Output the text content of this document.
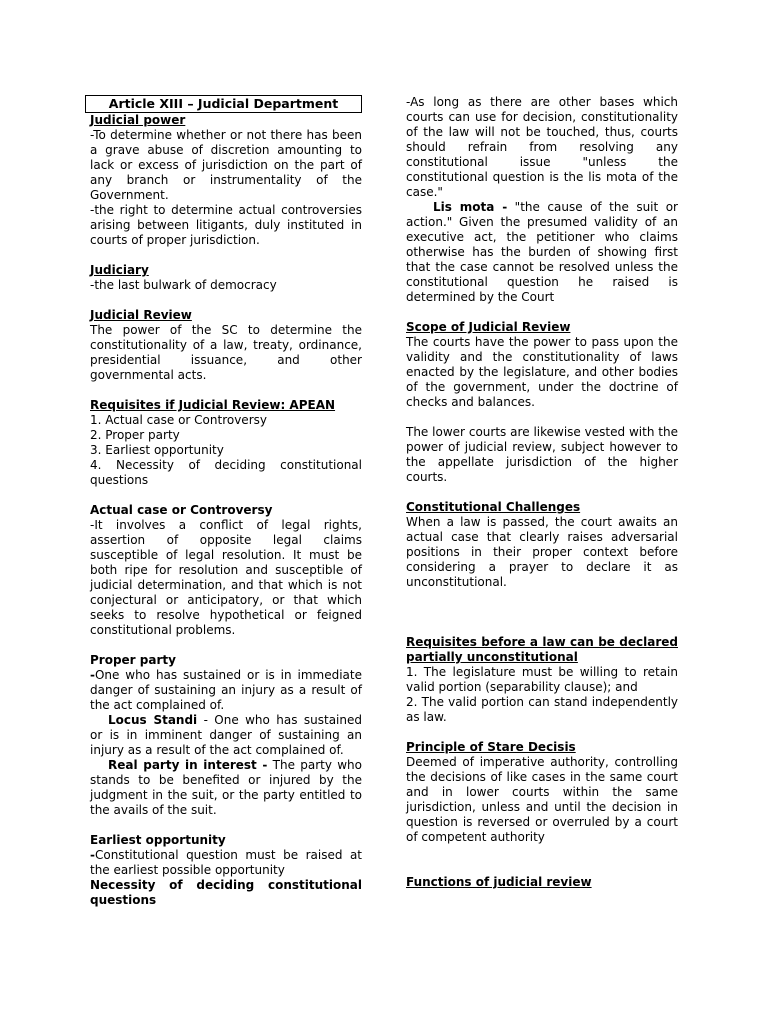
Article XIII – Judicial Department
Judicial power

-To determine whether or not there has been a grave abuse of discretion amounting to lack or excess of jurisdiction on the part of any branch or instrumentality of the Government.

-the right to determine actual controversies arising between litigants, duly instituted in courts of proper jurisdiction.

Judiciary

-the last bulwark of democracy

Judicial Review

The power of the SC to determine the constitutionality of a law, treaty, ordinance, presidential issuance, and other governmental acts.

Requisites if Judicial Review: APEAN

1. Actual case or Controversy

2. Proper party

3. Earliest opportunity

4. Necessity of deciding constitutional questions

Actual case or Controversy

-It involves a conflict of legal rights, assertion of opposite legal claims susceptible of legal resolution. It must be both ripe for resolution and susceptible of judicial determination, and that which is not conjectural or anticipatory, or that which seeks to resolve hypothetical or feigned constitutional problems.

Proper party

-One who has sustained or is in immediate danger of sustaining an injury as a result of the act complained of.

Locus Standi - One who has sustained or is in imminent danger of sustaining an injury as a result of the act complained of.

Real party in interest - The party who stands to be benefited or injured by the judgment in the suit, or the party entitled to the avails of the suit.

Earliest opportunity

-Constitutional question must be raised at the earliest possible opportunity

Necessity of deciding constitutional questions

-As long as there are other bases which courts can use for decision, constitutionality of the law will not be touched, thus, courts should refrain from resolving any constitutional issue "unless the constitutional question is the lis mota of the case."

Lis mota - "the cause of the suit or action." Given the presumed validity of an executive act, the petitioner who claims otherwise has the burden of showing first that the case cannot be resolved unless the constitutional question he raised is determined by the Court

Scope of Judicial Review

The courts have the power to pass upon the validity and the constitutionality of laws enacted by the legislature, and other bodies of the government, under the doctrine of checks and balances.

The lower courts are likewise vested with the power of judicial review, subject however to the appellate jurisdiction of the higher courts.

Constitutional Challenges

When a law is passed, the court awaits an actual case that clearly raises adversarial positions in their proper context before considering a prayer to declare it as unconstitutional.

Requisites before a law can be declared partially unconstitutional

1. The legislature must be willing to retain valid portion (separability clause); and

2. The valid portion can stand independently as law.

Principle of Stare Decisis

Deemed of imperative authority, controlling the decisions of like cases in the same court and in lower courts within the same jurisdiction, unless and until the decision in question is reversed or overruled by a court of competent authority

Functions of judicial review
